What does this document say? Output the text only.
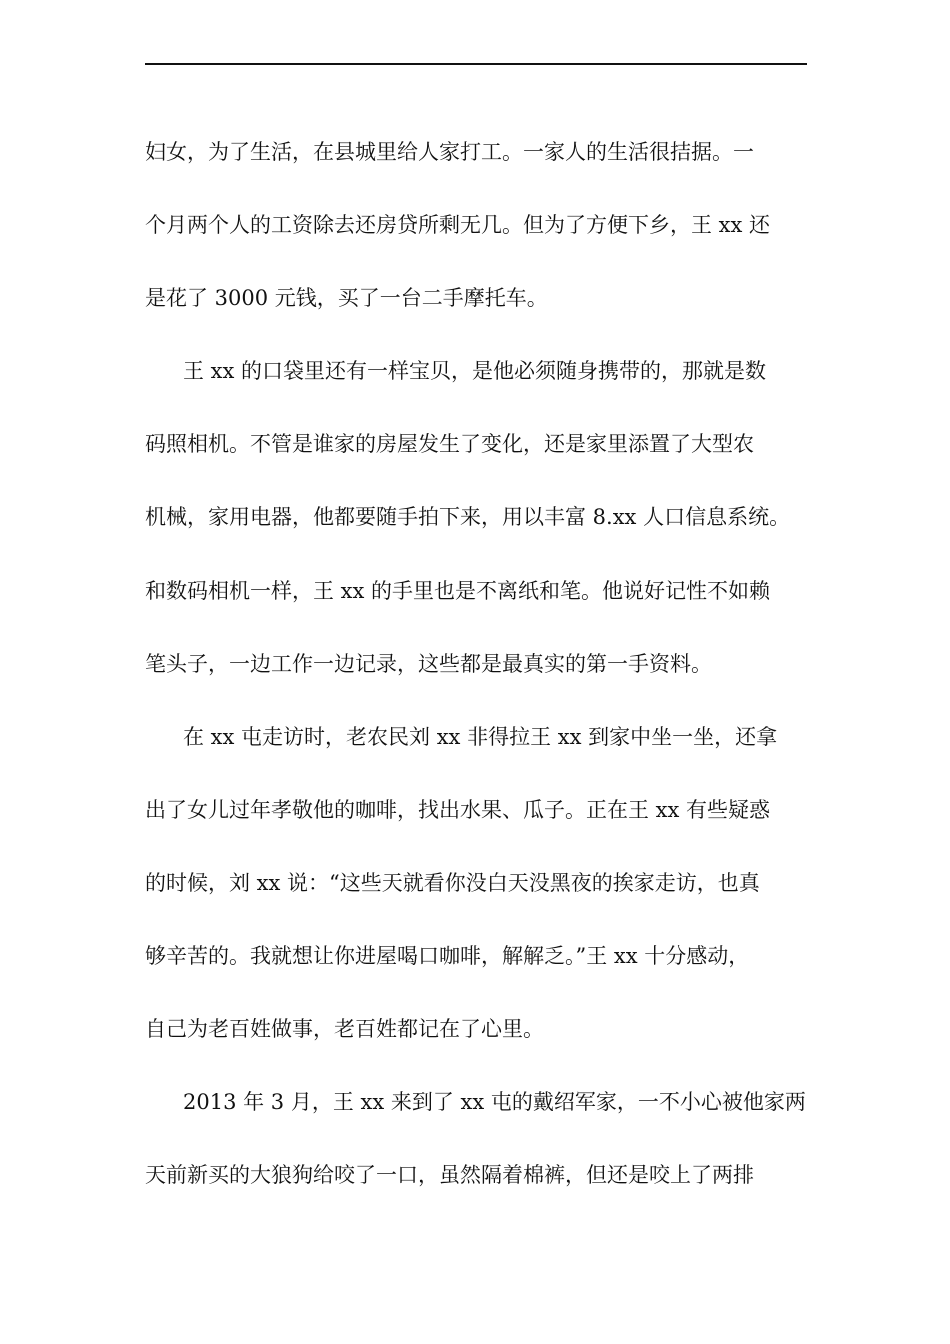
妇女，为了生活，在县城里给人家打工。一家人的生活很拮据。一
个月两个人的工资除去还房贷所剩无几。但为了方便下乡，王 xx 还
是花了 3000 元钱，买了一台二手摩托车。
王 xx 的口袋里还有一样宝贝，是他必须随身携带的，那就是数
码照相机。不管是谁家的房屋发生了变化，还是家里添置了大型农
机械，家用电器，他都要随手拍下来，用以丰富 8.xx 人口信息系统。
和数码相机一样，王 xx 的手里也是不离纸和笔。他说好记性不如赖
笔头子，一边工作一边记录，这些都是最真实的第一手资料。
在 xx 屯走访时，老农民刘 xx 非得拉王 xx 到家中坐一坐，还拿
出了女儿过年孝敬他的咖啡，找出水果、瓜子。正在王 xx 有些疑惑
的时候，刘 xx 说：“这些天就看你没白天没黑夜的挨家走访，也真
够辛苦的。我就想让你进屋喝口咖啡，解解乏。”王 xx 十分感动，
自己为老百姓做事，老百姓都记在了心里。
2013 年 3 月，王 xx 来到了 xx 屯的戴绍军家，一不小心被他家两
天前新买的大狼狗给咬了一口，虽然隔着棉裤，但还是咬上了两排
